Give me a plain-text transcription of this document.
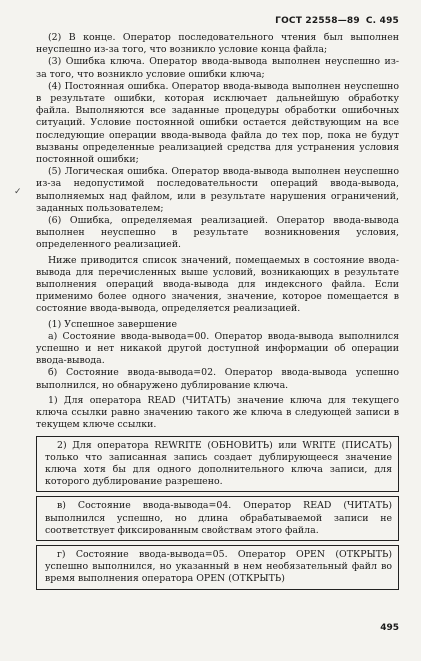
ГОСТ 22558—89 С. 495

(2) В конце. Оператор последовательного чтения был выполнен неуспешно из-за того, что возникло условие конца файла;

(3) Ошибка ключа. Оператор ввода-вывода выполнен неуспешно из-за того, что возникло условие ошибки ключа;

(4) Постоянная ошибка. Оператор ввода-вывода выполнен неуспешно в результате ошибки, которая исключает дальнейшую обработку файла. Выполняются все заданные процедуры обработки ошибочных ситуаций. Условие постоянной ошибки остается действующим на все последующие операции ввода-вывода файла до тех пор, пока не будут вызваны определенные реализацией средства для устранения условия постоянной ошибки;

✓

(5) Логическая ошибка. Оператор ввода-вывода выполнен неуспешно из-за недопустимой последовательности операций ввода-вывода, выполняемых над файлом, или в результате нарушения ограничений, заданных пользователем;

(6) Ошибка, определяемая реализацией. Оператор ввода-вывода выполнен неуспешно в результате возникновения условия, определенного реализацией.

Ниже приводится список значений, помещаемых в состояние ввода-вывода для перечисленных выше условий, возникающих в результате выполнения операций ввода-вывода для индексного файла. Если применимо более одного значения, значение, которое помещается в состояние ввода-вывода, определяется реализацией.

(1) Успешное завершение

а) Состояние ввода-вывода=00. Оператор ввода-вывода выполнился успешно и нет никакой другой доступной информации об операции ввода-вывода.

б) Состояние ввода-вывода=02. Оператор ввода-вывода успешно выполнился, но обнаружено дублирование ключа.

1) Для оператора READ (ЧИТАТЬ) значение ключа для текущего ключа ссылки равно значению такого же ключа в следующей записи в текущем ключе ссылки.

2) Для оператора REWRITE (ОБНОВИТЬ) или WRITE (ПИСАТЬ) только что записанная запись создает дублирующееся значение ключа хотя бы для одного дополнительного ключа записи, для которого дублирование разрешено.

в) Состояние ввода-вывода=04. Оператор READ (ЧИТАТЬ) выполнился успешно, но длина обрабатываемой записи не соответствует фиксированным свойствам этого файла.

г) Состояние ввода-вывода=05. Оператор OPEN (ОТКРЫТЬ) успешно выполнился, но указанный в нем необязательный файл во время выполнения оператора OPEN (ОТКРЫТЬ)

495
